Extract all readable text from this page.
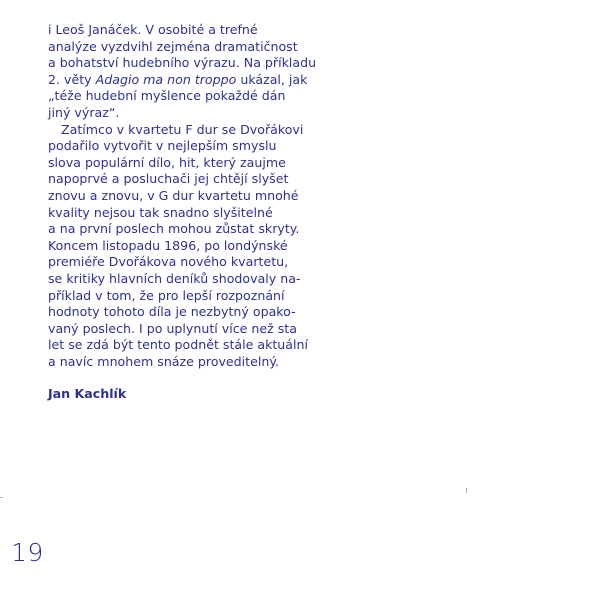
i Leoš Janáček. V osobité a trefné
analýze vyzdvihl zejména dramatičnost
a bohatství hudebního výrazu. Na příkladu
2. věty Adagio ma non troppo ukázal, jak
„téže hudební myšlence pokaždé dán
jiný výraz“.
Zatímco v kvartetu F dur se Dvořákovi
podařilo vytvořit v nejlepším smyslu
slova populární dílo, hit, který zaujme
napoprvé a posluchači jej chtějí slyšet
znovu a znovu, v G dur kvartetu mnohé
kvality nejsou tak snadno slyšitelné
a na první poslech mohou zůstat skryty.
Koncem listopadu 1896, po londýnské
premiéře Dvořákova nového kvartetu,
se kritiky hlavních deníků shodovaly na-
příklad v tom, že pro lepší rozpoznání
hodnoty tohoto díla je nezbytný opako-
vaný poslech. I po uplynutí více než sta
let se zdá být tento podnět stále aktuální
a navíc mnohem snáze proveditelný.
Jan Kachlík
19
